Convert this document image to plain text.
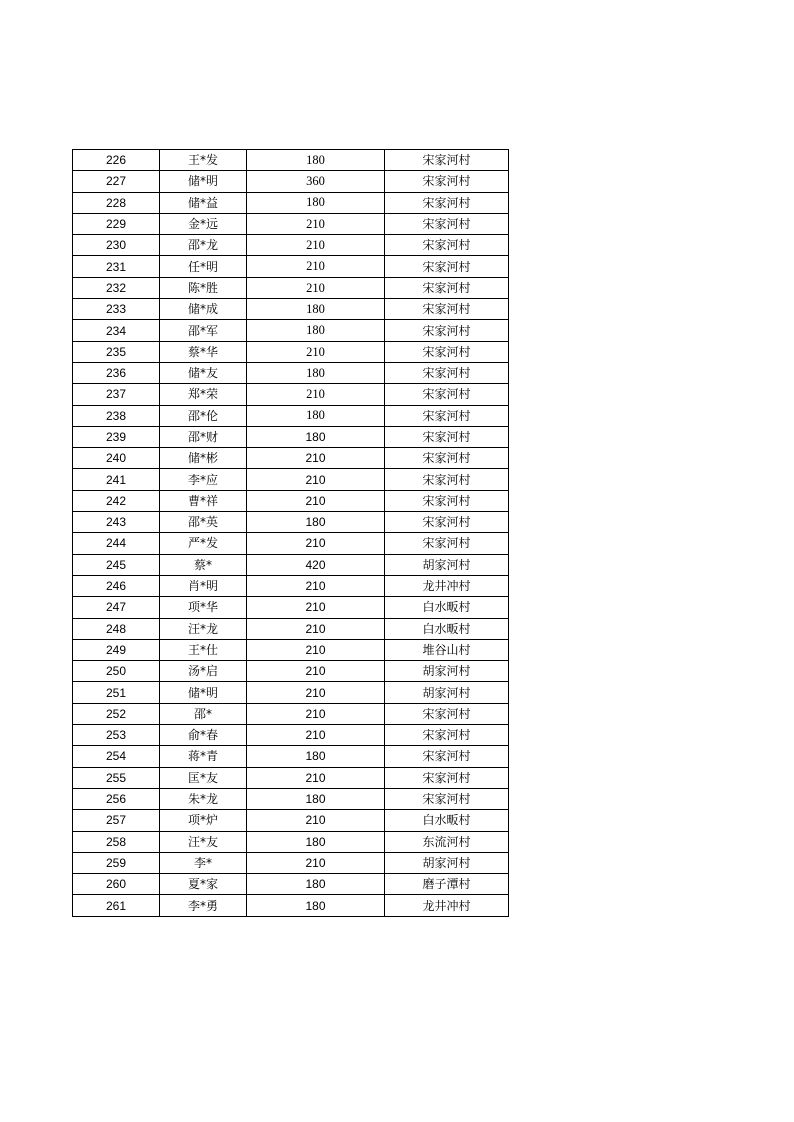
226	王*发	180	宋家河村
227	储*明	360	宋家河村
228	储*益	180	宋家河村
229	金*远	210	宋家河村
230	邵*龙	210	宋家河村
231	任*明	210	宋家河村
232	陈*胜	210	宋家河村
233	储*成	180	宋家河村
234	邵*军	180	宋家河村
235	蔡*华	210	宋家河村
236	储*友	180	宋家河村
237	郑*荣	210	宋家河村
238	邵*伦	180	宋家河村
239	邵*财	180	宋家河村
240	储*彬	210	宋家河村
241	李*应	210	宋家河村
242	曹*祥	210	宋家河村
243	邵*英	180	宋家河村
244	严*发	210	宋家河村
245	蔡*	420	胡家河村
246	肖*明	210	龙井冲村
247	项*华	210	白水畈村
248	汪*龙	210	白水畈村
249	王*仕	210	堆谷山村
250	汤*启	210	胡家河村
251	储*明	210	胡家河村
252	邵*	210	宋家河村
253	俞*春	210	宋家河村
254	蒋*青	180	宋家河村
255	匡*友	210	宋家河村
256	朱*龙	180	宋家河村
257	项*炉	210	白水畈村
258	汪*友	180	东流河村
259	李*	210	胡家河村
260	夏*家	180	磨子潭村
261	李*勇	180	龙井冲村
